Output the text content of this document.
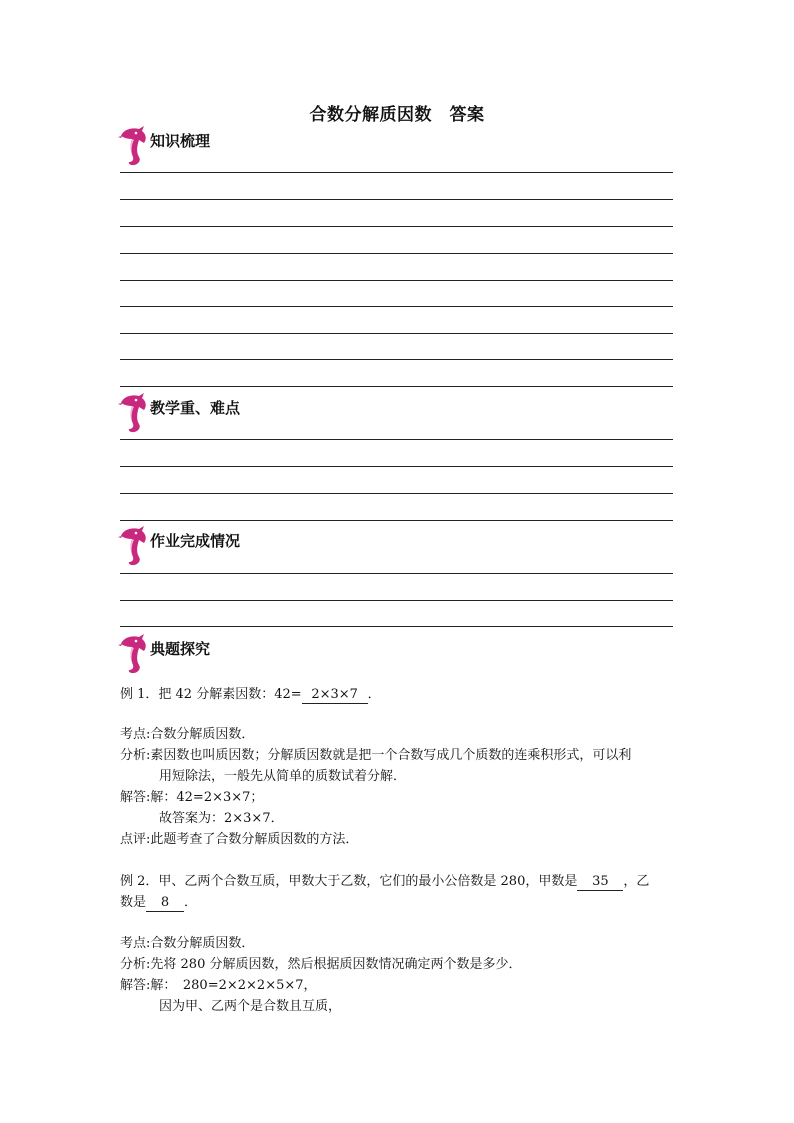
合数分解质因数　答案
知识梳理
教学重、难点
作业完成情况
典题探究
例 1．把 42 分解素因数：42= 2×3×7 ．
考点:合数分解质因数．
分析:素因数也叫质因数；分解质因数就是把一个合数写成几个质数的连乘积形式，可以利
用短除法，一般先从简单的质数试着分解．
解答:解：42=2×3×7；
故答案为：2×3×7．
点评:此题考查了合数分解质因数的方法．
例 2．甲、乙两个合数互质，甲数大于乙数，它们的最小公倍数是 280，甲数是 35 ，乙
数是 8 ．
考点:合数分解质因数．
分析:先将 280 分解质因数，然后根据质因数情况确定两个数是多少．
解答:解：　280=2×2×2×5×7，
因为甲、乙两个是合数且互质，
